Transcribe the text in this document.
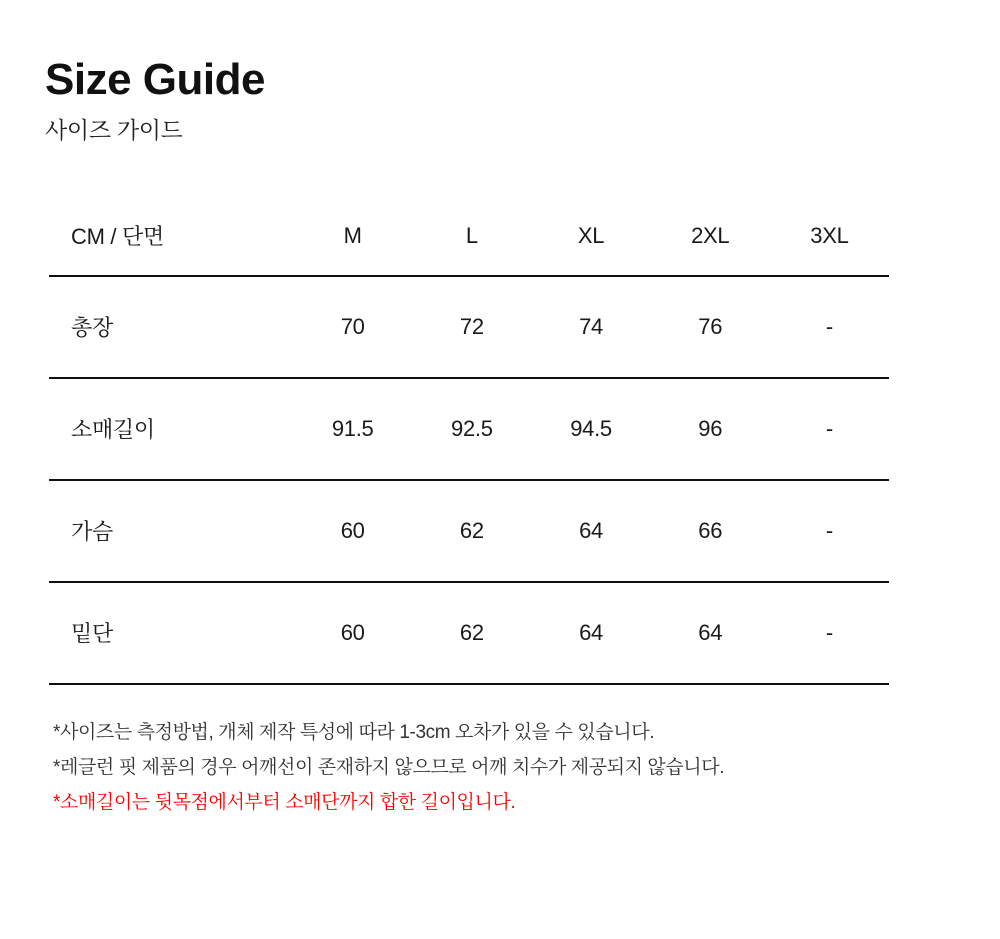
Size Guide
사이즈 가이드
CM / 단면	M	L	XL	2XL	3XL
총장	70	72	74	76	-
소매길이	91.5	92.5	94.5	96	-
가슴	60	62	64	66	-
밑단	60	62	64	64	-
*사이즈는 측정방법, 개체 제작 특성에 따라 1-3cm 오차가 있을 수 있습니다.
*레글런 핏 제품의 경우 어깨선이 존재하지 않으므로 어깨 치수가 제공되지 않습니다.
*소매길이는 뒷목점에서부터 소매단까지 합한 길이입니다.
